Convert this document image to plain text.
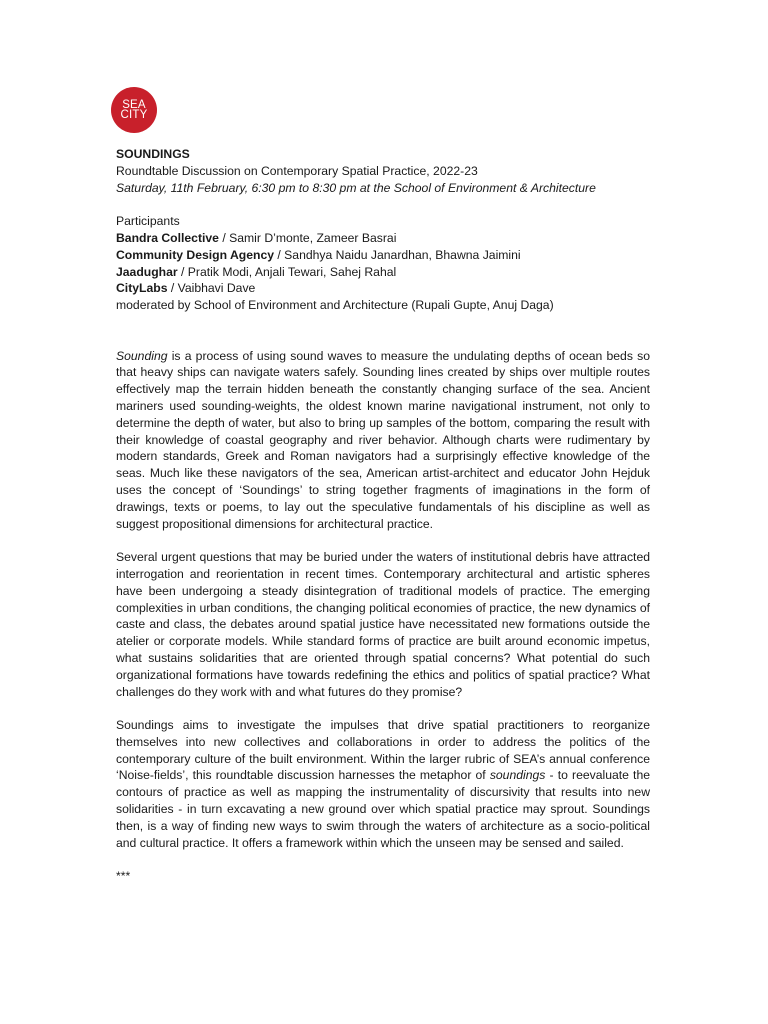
SEA
CITY

SOUNDINGS

Roundtable Discussion on Contemporary Spatial Practice, 2022-23

Saturday, 11th February, 6:30 pm to 8:30 pm at the School of Environment & Architecture

Participants

Bandra Collective / Samir D’monte, Zameer Basrai

Community Design Agency / Sandhya Naidu Janardhan, Bhawna Jaimini

Jaadughar / Pratik Modi, Anjali Tewari, Sahej Rahal

CityLabs / Vaibhavi Dave

moderated by School of Environment and Architecture (Rupali Gupte, Anuj Daga)

Sounding is a process of using sound waves to measure the undulating depths of ocean beds so that heavy ships can navigate waters safely. Sounding lines created by ships over multiple routes effectively map the terrain hidden beneath the constantly changing surface of the sea. Ancient mariners used sounding-weights, the oldest known marine navigational instrument, not only to determine the depth of water, but also to bring up samples of the bottom, comparing the result with their knowledge of coastal geography and river behavior. Although charts were rudimentary by modern standards, Greek and Roman navigators had a surprisingly effective knowledge of the seas. Much like these navigators of the sea, American artist-architect and educator John Hejduk uses the concept of ‘Soundings’ to string together fragments of imaginations in the form of drawings, texts or poems, to lay out the speculative fundamentals of his discipline as well as suggest propositional dimensions for architectural practice.

Several urgent questions that may be buried under the waters of institutional debris have attracted interrogation and reorientation in recent times. Contemporary architectural and artistic spheres have been undergoing a steady disintegration of traditional models of practice. The emerging complexities in urban conditions, the changing political economies of practice, the new dynamics of caste and class, the debates around spatial justice have necessitated new formations outside the atelier or corporate models. While standard forms of practice are built around economic impetus, what sustains solidarities that are oriented through spatial concerns? What potential do such organizational formations have towards redefining the ethics and politics of spatial practice? What challenges do they work with and what futures do they promise?

Soundings aims to investigate the impulses that drive spatial practitioners to reorganize themselves into new collectives and collaborations in order to address the politics of the contemporary culture of the built environment. Within the larger rubric of SEA’s annual conference ‘Noise-fields’, this roundtable discussion harnesses the metaphor of soundings - to reevaluate the contours of practice as well as mapping the instrumentality of discursivity that results into new solidarities - in turn excavating a new ground over which spatial practice may sprout. Soundings then, is a way of finding new ways to swim through the waters of architecture as a socio-political and cultural practice. It offers a framework within which the unseen may be sensed and sailed.

***
